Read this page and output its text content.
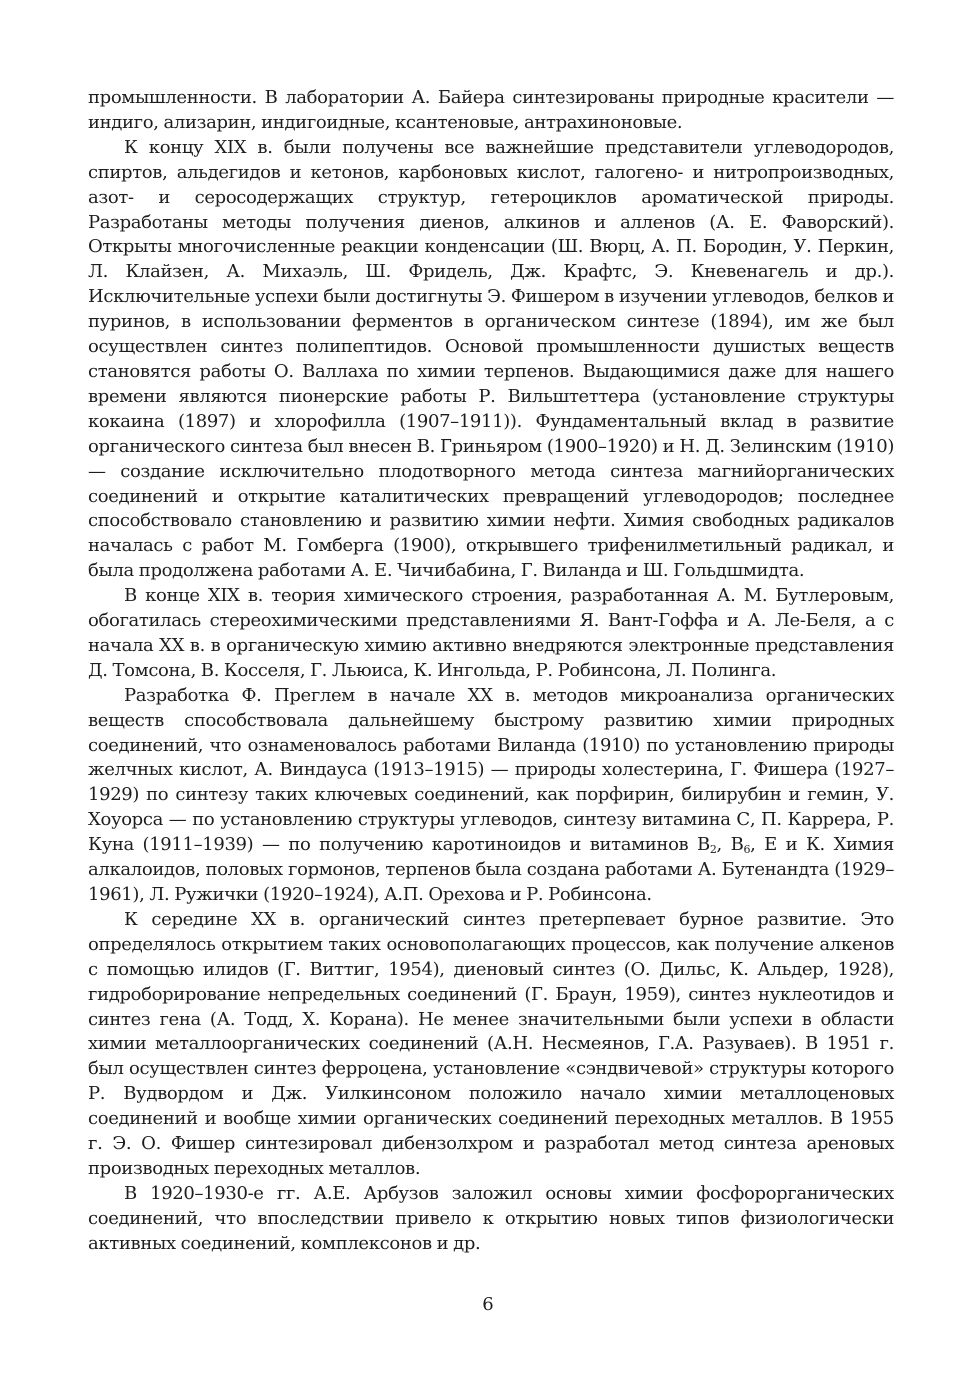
промышленности. В лаборатории А. Байера синтезированы природные красители — индиго, ализарин, индигоидные, ксантеновые, антрахиноновые.

К концу XIX в. были получены все важнейшие представители углеводородов, спиртов, альдегидов и кетонов, карбоновых кислот, галогено- и нитропроизводных, азот- и серосодержащих структур, гетероциклов ароматической природы. Разработаны методы получения диенов, алкинов и алленов (А. Е. Фаворский). Открыты многочисленные реакции конденсации (Ш. Вюрц, А. П. Бородин, У. Перкин, Л. Клайзен, А. Михаэль, Ш. Фридель, Дж. Крафтс, Э. Кневенагель и др.). Исключительные успехи были достигнуты Э. Фишером в изучении углеводов, белков и пуринов, в использовании ферментов в органическом синтезе (1894), им же был осуществлен синтез полипептидов. Основой промышленности душистых веществ становятся работы О. Валлаха по химии терпенов. Выдающимися даже для нашего времени являются пионерские работы Р. Вильштеттера (установление структуры кокаина (1897) и хлорофилла (1907–1911)). Фундаментальный вклад в развитие органического синтеза был внесен В. Гриньяром (1900–1920) и Н. Д. Зелинским (1910) — создание исключительно плодотворного метода синтеза магнийорганических соединений и открытие каталитических превращений углеводородов; последнее способствовало становлению и развитию химии нефти. Химия свободных радикалов началась с работ М. Гомберга (1900), открывшего трифенилметильный радикал, и была продолжена работами А. Е. Чичибабина, Г. Виланда и Ш. Гольдшмидта.

В конце XIX в. теория химического строения, разработанная А. М. Бутлеровым, обогатилась стереохимическими представлениями Я. Вант-Гоффа и А. Ле-Беля, а с начала XX в. в органическую химию активно внедряются электронные представления Д. Томсона, В. Косселя, Г. Льюиса, К. Ингольда, Р. Робинсона, Л. Полинга.

Разработка Ф. Преглем в начале XX в. методов микроанализа органических веществ способствовала дальнейшему быстрому развитию химии природных соединений, что ознаменовалось работами Виланда (1910) по установлению природы желчных кислот, А. Виндауса (1913–1915) — природы холестерина, Г. Фишера (1927–1929) по синтезу таких ключевых соединений, как порфирин, билирубин и гемин, У. Хоуорса — по установлению структуры углеводов, синтезу витамина С, П. Каррера, Р. Куна (1911–1939) — по получению каротиноидов и витаминов $В_2$, $В_6$, Е и К. Химия алкалоидов, половых гормонов, терпенов была создана работами А. Бутенандта (1929–1961), Л. Ружички (1920–1924), А.П. Орехова и Р. Робинсона.

К середине XX в. органический синтез претерпевает бурное развитие. Это определялось открытием таких основополагающих процессов, как получение алкенов с помощью илидов (Г. Виттиг, 1954), диеновый синтез (О. Дильс, К. Альдер, 1928), гидроборирование непредельных соединений (Г. Браун, 1959), синтез нуклеотидов и синтез гена (А. Тодд, Х. Корана). Не менее значительными были успехи в области химии металлоорганических соединений (А.Н. Несмеянов, Г.А. Разуваев). В 1951 г. был осуществлен синтез ферроцена, установление «сэндвичевой» структуры которого Р. Вудвордом и Дж. Уилкинсоном положило начало химии металлоценовых соединений и вообще химии органических соединений переходных металлов. В 1955 г. Э. О. Фишер синтезировал дибензолхром и разработал метод синтеза ареновых производных переходных металлов.

В 1920–1930-е гг. А.Е. Арбузов заложил основы химии фосфорорганических соединений, что впоследствии привело к открытию новых типов физиологически активных соединений, комплексонов и др.

6
